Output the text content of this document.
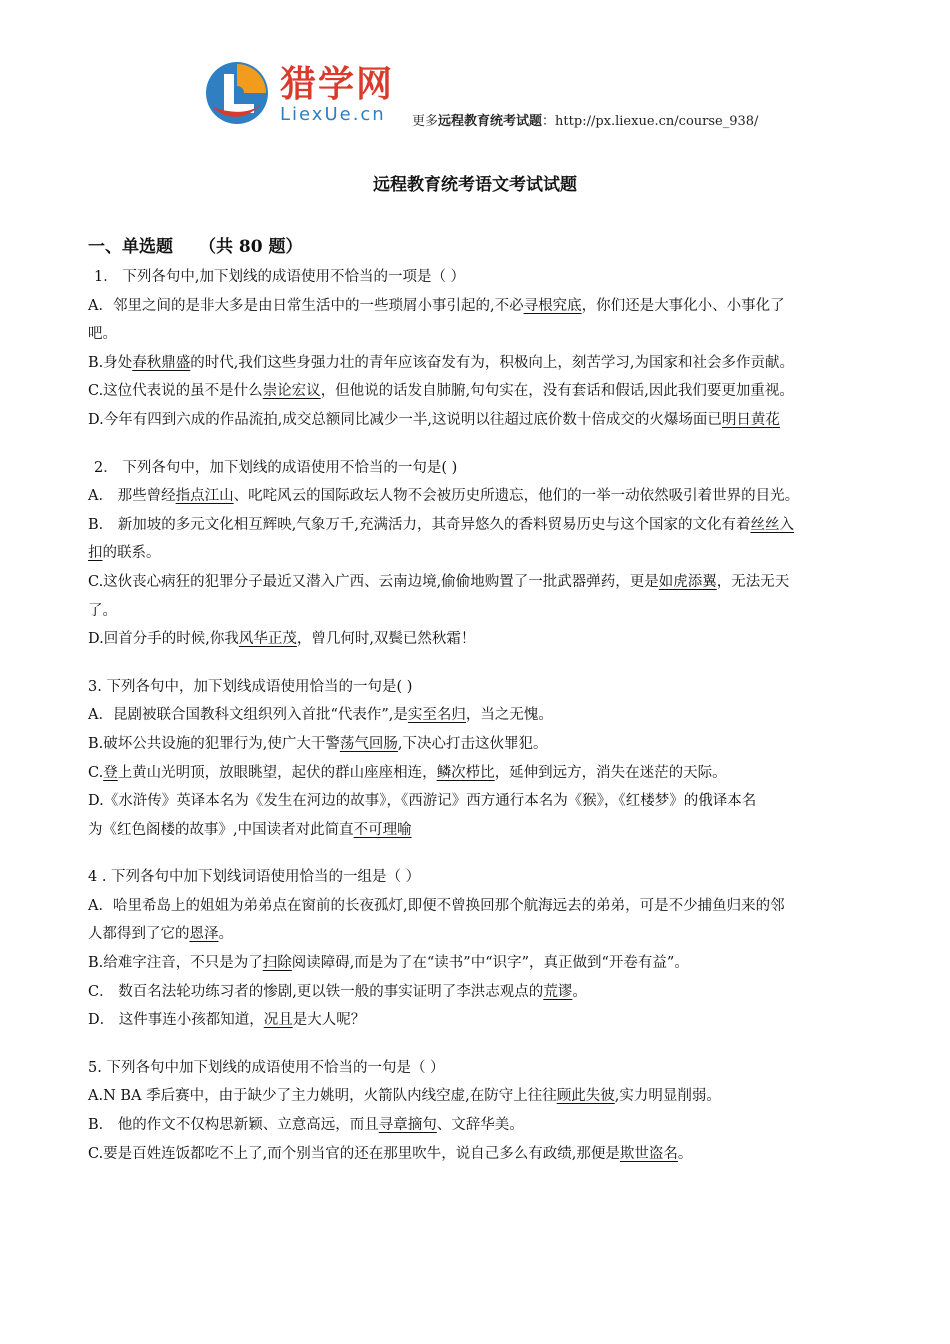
猎学网
LiexUe.cn 更多远程教育统考试题：http://px.liexue.cn/course_938/
远程教育统考语文考试试题
一、单选题 （共 80 题）
1． 下列各句中,加下划线的成语使用不恰当的一项是（ ）
A．邻里之间的是非大多是由日常生活中的一些琐屑小事引起的,不必寻根究底，你们还是大事化小、小事化了
吧。
B.身处春秋鼎盛的时代,我们这些身强力壮的青年应该奋发有为，积极向上，刻苦学习,为国家和社会多作贡献。
C.这位代表说的虽不是什么崇论宏议，但他说的话发自肺腑,句句实在，没有套话和假话,因此我们要更加重视。
D.今年有四到六成的作品流拍,成交总额同比减少一半,这说明以往超过底价数十倍成交的火爆场面已明日黄花
2． 下列各句中，加下划线的成语使用不恰当的一句是( )
A． 那些曾经指点江山、叱咤风云的国际政坛人物不会被历史所遗忘，他们的一举一动依然吸引着世界的目光。
B． 新加坡的多元文化相互辉映,气象万千,充满活力，其奇异悠久的香料贸易历史与这个国家的文化有着丝丝入
扣的联系。
C.这伙丧心病狂的犯罪分子最近又潜入广西、云南边境,偷偷地购置了一批武器弹药，更是如虎添翼，无法无天
了。
D.回首分手的时候,你我风华正茂，曾几何时,双鬓已然秋霜！
3. 下列各句中，加下划线成语使用恰当的一句是( )
A．昆剧被联合国教科文组织列入首批“代表作”,是实至名归，当之无愧。
B.破坏公共设施的犯罪行为,使广大干警荡气回肠,下决心打击这伙罪犯。
C.登上黄山光明顶，放眼眺望，起伏的群山座座相连，鳞次栉比，延伸到远方，消失在迷茫的天际。
D.《水浒传》英译本名为《发生在河边的故事》，《西游记》西方通行本名为《猴》，《红楼梦》的俄译本名
为《红色阁楼的故事》,中国读者对此简直不可理喻
4 . 下列各句中加下划线词语使用恰当的一组是（ ）
A．哈里希岛上的姐姐为弟弟点在窗前的长夜孤灯,即便不曾换回那个航海远去的弟弟，可是不少捕鱼归来的邻
人都得到了它的恩泽。
B.给难字注音，不只是为了扫除阅读障碍,而是为了在“读书”中“识字”，真正做到“开卷有益”。
C． 数百名法轮功练习者的惨剧,更以铁一般的事实证明了李洪志观点的荒谬。
D． 这件事连小孩都知道，况且是大人呢？
5. 下列各句中加下划线的成语使用不恰当的一句是（ ）
A.N BA 季后赛中，由于缺少了主力姚明，火箭队内线空虚,在防守上往往顾此失彼,实力明显削弱。
B． 他的作文不仅构思新颖、立意高远，而且寻章摘句、文辞华美。
C.要是百姓连饭都吃不上了,而个别当官的还在那里吹牛，说自己多么有政绩,那便是欺世盗名。
